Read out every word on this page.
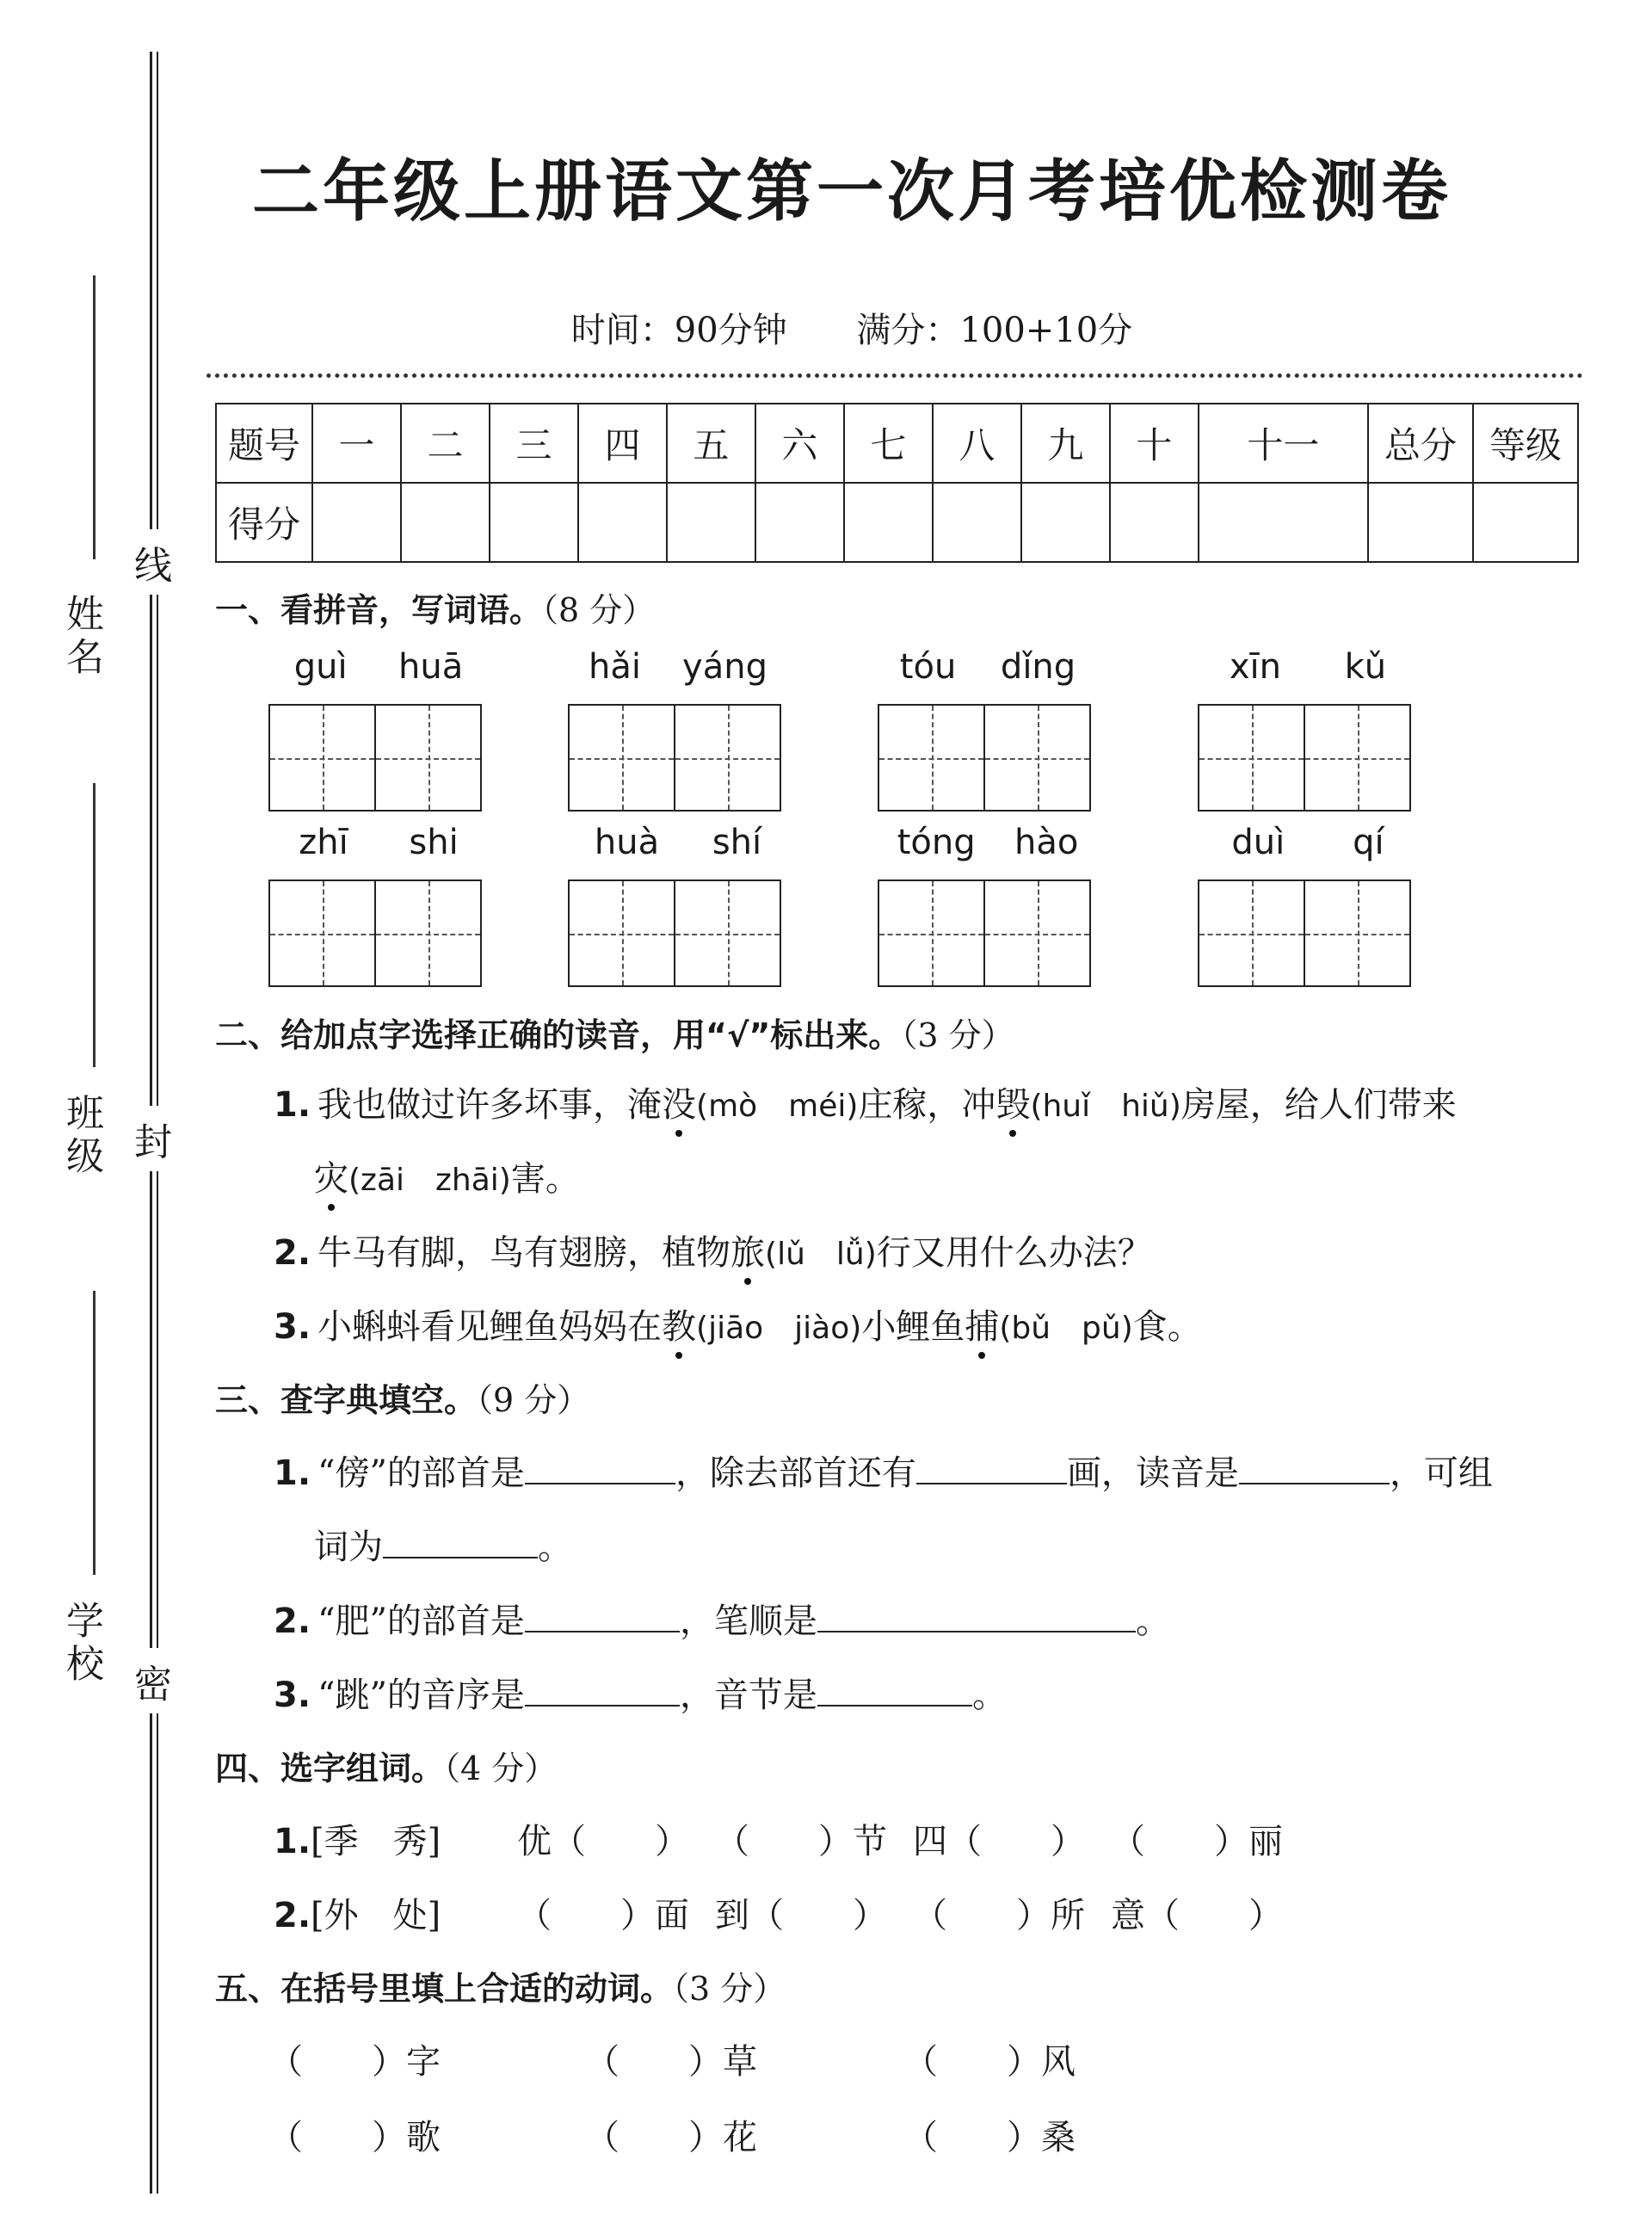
姓名
班级
学校
线
封
密
二年级上册语文第一次月考培优检测卷
时间：90分钟 满分：100+10分
题号	一	二	三	四	五	六	七	八	九	十	十一	总分	等级
得分													
一、看拼音，写词语。（8 分）
guì huā	hǎi yáng	tóu dǐng	xīn kǔ
zhī shi	huà shí	tóng hào	duì qí
二、给加点字选择正确的读音，用“√”标出来。（3 分）
1. 我也做过许多坏事，淹没(mò　méi)庄稼，冲毁(huǐ　hiǔ)房屋，给人们带来
灾(zāi　zhāi)害。
2. 牛马有脚，鸟有翅膀，植物旅(lǔ　lǚ)行又用什么办法？
3. 小蝌蚪看见鲤鱼妈妈在教(jiāo　jiào)小鲤鱼捕(bǔ　pǔ)食。
三、查字典填空。（9 分）
1. “傍”的部首是	，除去部首还有	画，读音是	，可组
词为	。
2. “肥”的部首是	，笔顺是	。
3. “跳”的音序是	，音节是	。
四、选字组词。（4 分）
1.[季　秀] 优（　　） （　　）节 四（　　） （　　）丽
2.[外　处] （　　）面 到（　　） （　　）所 意（　　）
五、在括号里填上合适的动词。（3 分）
（　　）字	（　　）草	（　　）风
（　　）歌	（　　）花	（　　）桑
